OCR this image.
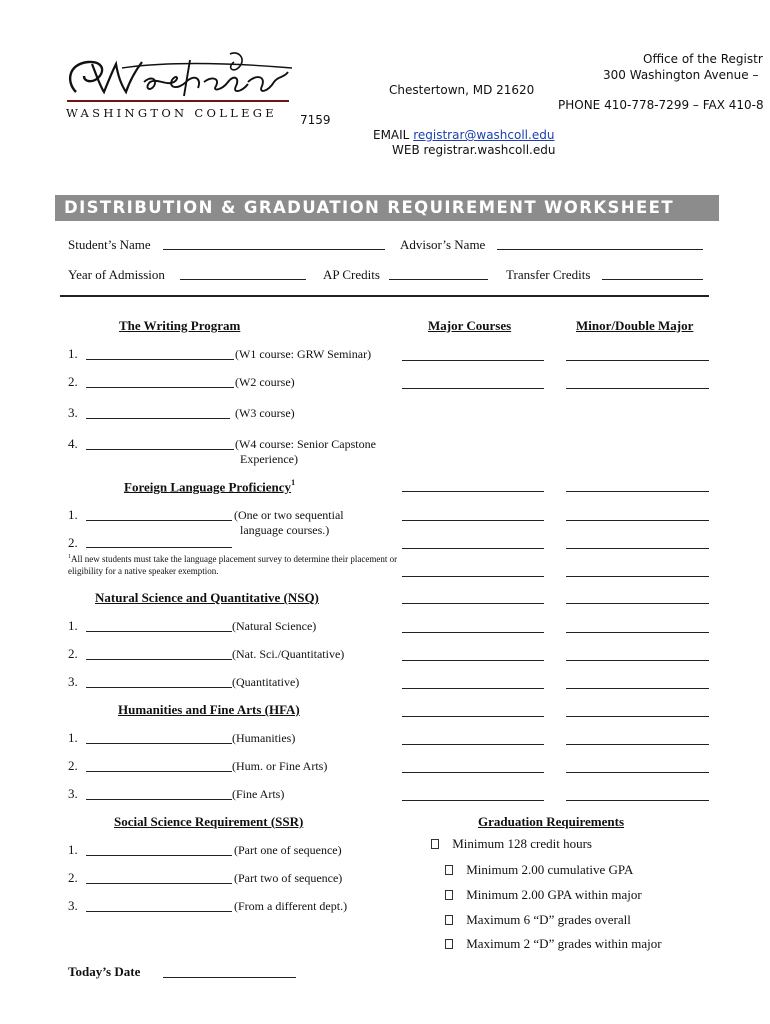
WASHINGTON COLLEGE
Office of the Registr
300 Washington Avenue –
Chestertown, MD 21620
PHONE 410-778-7299 – FAX 410-8
7159
EMAIL registrar@washcoll.edu
WEB registrar.washcoll.edu
DISTRIBUTION & GRADUATION REQUIREMENT WORKSHEET
Student’s Name	Advisor’s Name
Year of Admission	AP Credits	Transfer Credits
The Writing Program	Major Courses	Minor/Double Major
1.	(W1 course: GRW Seminar)
2.	(W2 course)
3.	(W3 course)
4.	(W4 course: Senior Capstone
Experience)
Foreign Language Proficiency$^1$
1.	(One or two sequential
language courses.)
2.
$^1$All new students must take the language placement survey to determine their placement or eligibility for a native speaker exemption.
Natural Science and Quantitative (NSQ)
1.	(Natural Science)
2.	(Nat. Sci./Quantitative)
3.	(Quantitative)
Humanities and Fine Arts (HFA)
1.	(Humanities)
2.	(Hum. or Fine Arts)
3.	(Fine Arts)
Social Science Requirement (SSR)
1.	(Part one of sequence)
2.	(Part two of sequence)
3.	(From a different dept.)
Graduation Requirements
Minimum 128 credit hours
Minimum 2.00 cumulative GPA
Minimum 2.00 GPA within major
Maximum 6 “D” grades overall
Maximum 2 “D” grades within major
Today’s Date
